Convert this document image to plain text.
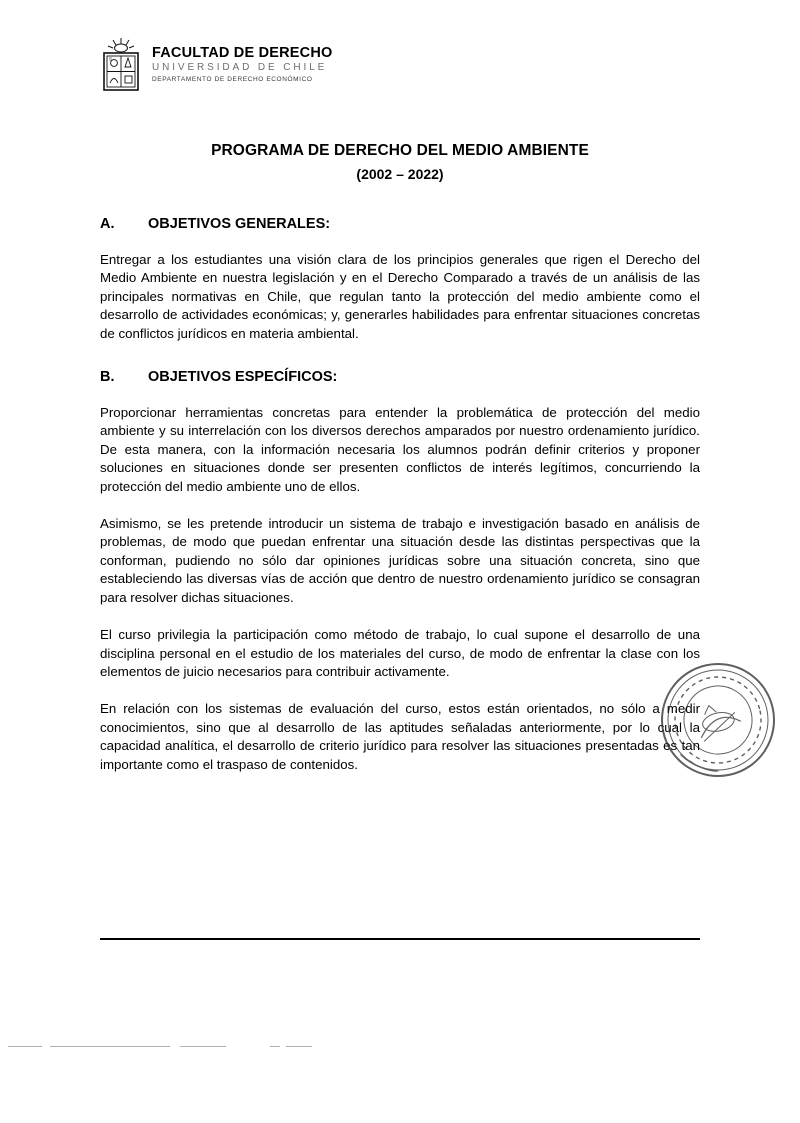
FACULTAD DE DERECHO
UNIVERSIDAD DE CHILE
DEPARTAMENTO DE DERECHO ECONÓMICO
PROGRAMA DE DERECHO DEL MEDIO AMBIENTE
(2002 – 2022)
A.	OBJETIVOS GENERALES:

Entregar a los estudiantes una visión clara de los principios generales que rigen el Derecho del Medio Ambiente en nuestra legislación y en el Derecho Comparado a través de un análisis de las principales normativas en Chile, que regulan tanto la protección del medio ambiente como el desarrollo de actividades económicas; y, generarles habilidades para enfrentar situaciones concretas de conflictos jurídicos en materia ambiental.

B.	OBJETIVOS ESPECÍFICOS:

Proporcionar herramientas concretas para entender la problemática de protección del medio ambiente y su interrelación con los diversos derechos amparados por nuestro ordenamiento jurídico. De esta manera, con la información necesaria los alumnos podrán definir criterios y proponer soluciones en situaciones donde ser presenten conflictos de interés legítimos, concurriendo la protección del medio ambiente uno de ellos.

Asimismo, se les pretende introducir un sistema de trabajo e investigación basado en análisis de problemas, de modo que puedan enfrentar una situación desde las distintas perspectivas que la conforman, pudiendo no sólo dar opiniones jurídicas sobre una situación concreta, sino que estableciendo las diversas vías de acción que dentro de nuestro ordenamiento jurídico se consagran para resolver dichas situaciones.

El curso privilegia la participación como método de trabajo, lo cual supone el desarrollo de una disciplina personal en el estudio de los materiales del curso, de modo de enfrentar la clase con los elementos de juicio necesarios para contribuir activamente.

En relación con los sistemas de evaluación del curso, estos están orientados, no sólo a medir conocimientos, sino que al desarrollo de las aptitudes señaladas anteriormente, por lo cual la capacidad analítica, el desarrollo de criterio jurídico para resolver las situaciones presentadas es tan importante como el traspaso de contenidos.
